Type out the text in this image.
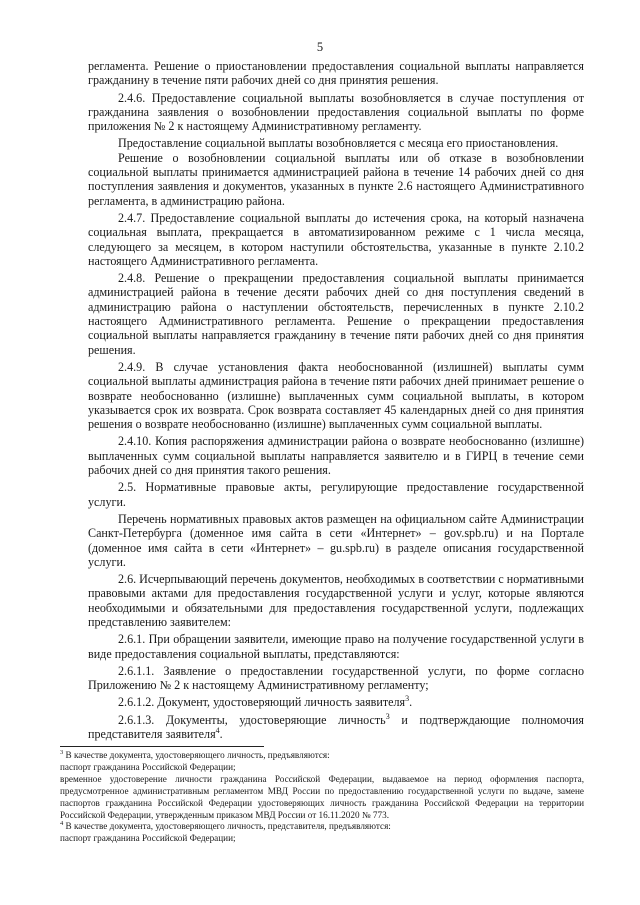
5

регламента. Решение о приостановлении предоставления социальной выплаты направляется гражданину в течение пяти рабочих дней со дня принятия решения.

2.4.6. Предоставление социальной выплаты возобновляется в случае поступления от гражданина заявления о возобновлении предоставления социальной выплаты по форме приложения № 2 к настоящему Административному регламенту.

Предоставление социальной выплаты возобновляется с месяца его приостановления.

Решение о возобновлении социальной выплаты или об отказе в возобновлении социальной выплаты принимается администрацией района в течение 14 рабочих дней со дня поступления заявления и документов, указанных в пункте 2.6 настоящего Административного регламента, в администрацию района.

2.4.7. Предоставление социальной выплаты до истечения срока, на который назначена социальная выплата, прекращается в автоматизированном режиме с 1 числа месяца, следующего за месяцем, в котором наступили обстоятельства, указанные в пункте 2.10.2 настоящего Административного регламента.

2.4.8. Решение о прекращении предоставления социальной выплаты принимается администрацией района в течение десяти рабочих дней со дня поступления сведений в администрацию района о наступлении обстоятельств, перечисленных в пункте 2.10.2 настоящего Административного регламента. Решение о прекращении предоставления социальной выплаты направляется гражданину в течение пяти рабочих дней со дня принятия решения.

2.4.9. В случае установления факта необоснованной (излишней) выплаты сумм социальной выплаты администрация района в течение пяти рабочих дней принимает решение о возврате необоснованно (излишне) выплаченных сумм социальной выплаты, в котором указывается срок их возврата. Срок возврата составляет 45 календарных дней со дня принятия решения о возврате необоснованно (излишне) выплаченных сумм социальной выплаты.

2.4.10. Копия распоряжения администрации района о возврате необоснованно (излишне) выплаченных сумм социальной выплаты направляется заявителю и в ГИРЦ в течение семи рабочих дней со дня принятия такого решения.

2.5. Нормативные правовые акты, регулирующие предоставление государственной услуги.

Перечень нормативных правовых актов размещен на официальном сайте Администрации Санкт-Петербурга (доменное имя сайта в сети «Интернет» – gov.spb.ru) и на Портале (доменное имя сайта в сети «Интернет» – gu.spb.ru) в разделе описания государственной услуги.

2.6. Исчерпывающий перечень документов, необходимых в соответствии с нормативными правовыми актами для предоставления государственной услуги и услуг, которые являются необходимыми и обязательными для предоставления государственной услуги, подлежащих представлению заявителем:

2.6.1. При обращении заявители, имеющие право на получение государственной услуги в виде предоставления социальной выплаты, представляются:

2.6.1.1. Заявление о предоставлении государственной услуги, по форме согласно Приложению № 2 к настоящему Административному регламенту;

2.6.1.2. Документ, удостоверяющий личность заявителя$^3$.

2.6.1.3. Документы, удостоверяющие личность$^3$ и подтверждающие полномочия представителя заявителя$^4$.

$^3$ В качестве документа, удостоверяющего личность, предъявляются:

паспорт гражданина Российской Федерации;

временное удостоверение личности гражданина Российской Федерации, выдаваемое на период оформления паспорта, предусмотренное административным регламентом МВД России по предоставлению государственной услуги по выдаче, замене паспортов гражданина Российской Федерации удостоверяющих личность гражданина Российской Федерации на территории Российской Федерации, утвержденным приказом МВД России от 16.11.2020 № 773.

$^4$ В качестве документа, удостоверяющего личность, представителя, предъявляются:

паспорт гражданина Российской Федерации;
